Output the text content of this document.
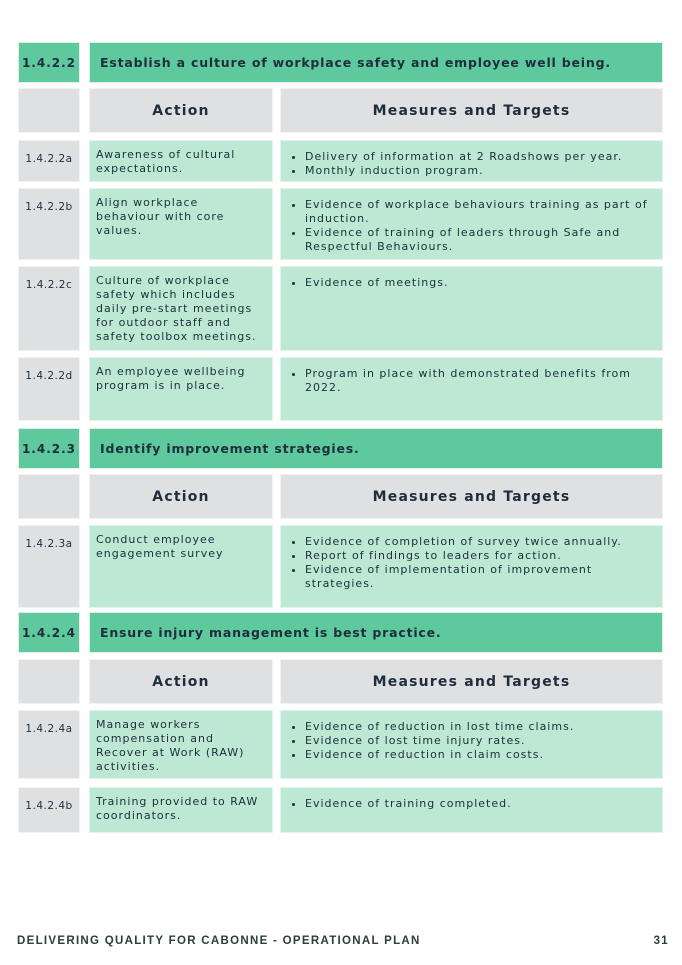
1.4.2.2	Establish a culture of workplace safety and employee well being.
Action	Measures and Targets
1.4.2.2a	Awareness of cultural expectations.
• Delivery of information at 2 Roadshows per year.
• Monthly induction program.
1.4.2.2b	Align workplace behaviour with core values.
• Evidence of workplace behaviours training as part of induction.
• Evidence of training of leaders through Safe and Respectful Behaviours.
1.4.2.2c	Culture of workplace safety which includes daily pre-start meetings for outdoor staff and safety toolbox meetings.
• Evidence of meetings.
1.4.2.2d	An employee wellbeing program is in place.
• Program in place with demonstrated benefits from 2022.
1.4.2.3	Identify improvement strategies.
Action	Measures and Targets
1.4.2.3a	Conduct employee engagement survey
• Evidence of completion of survey twice annually.
• Report of findings to leaders for action.
• Evidence of implementation of improvement strategies.
1.4.2.4	Ensure injury management is best practice.
Action	Measures and Targets
1.4.2.4a	Manage workers compensation and Recover at Work (RAW) activities.
• Evidence of reduction in lost time claims.
• Evidence of lost time injury rates.
• Evidence of reduction in claim costs.
1.4.2.4b	Training provided to RAW coordinators.
• Evidence of training completed.
DELIVERING QUALITY FOR CABONNE - OPERATIONAL PLAN	31
